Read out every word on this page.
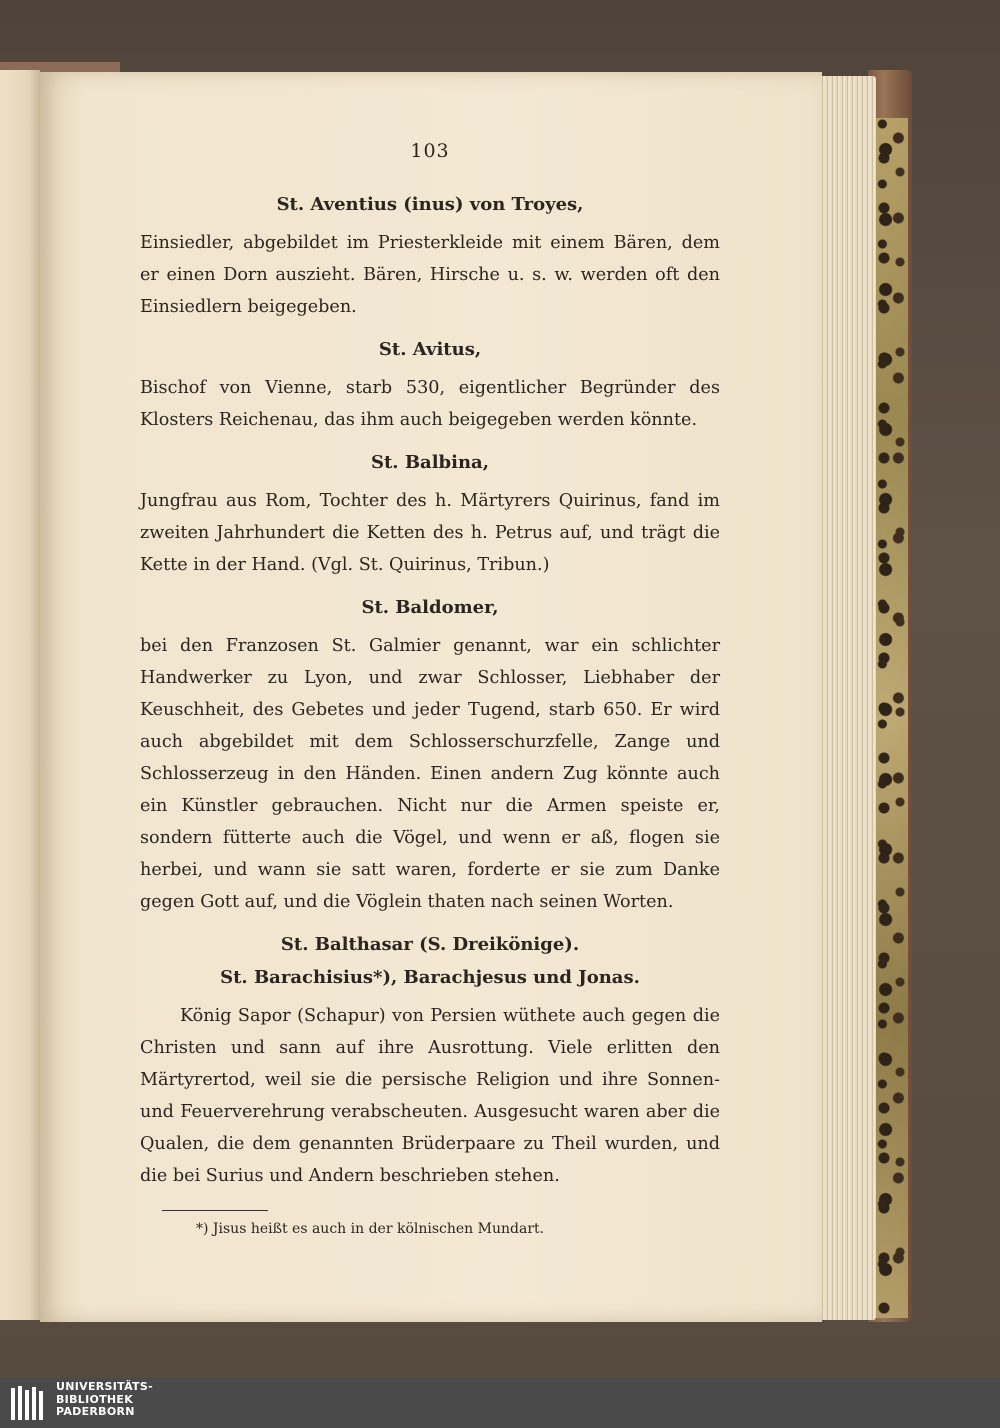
103
St. Aventius (inus) von Troyes,

Einsiedler, abgebildet im Priesterkleide mit einem Bären, dem er einen Dorn auszieht. Bären, Hirsche u. s. w. werden oft den Einsiedlern beigegeben.

St. Avitus,

Bischof von Vienne, starb 530, eigentlicher Begründer des Klosters Reichenau, das ihm auch beigegeben werden könnte.

St. Balbina,

Jungfrau aus Rom, Tochter des h. Märtyrers Quirinus, fand im zweiten Jahrhundert die Ketten des h. Petrus auf, und trägt die Kette in der Hand. (Vgl. St. Quirinus, Tribun.)

St. Baldomer,

bei den Franzosen St. Galmier genannt, war ein schlichter Handwerker zu Lyon, und zwar Schlosser, Liebhaber der Keuschheit, des Gebetes und jeder Tugend, starb 650. Er wird auch abgebildet mit dem Schlosserschurzfelle, Zange und Schlosserzeug in den Händen. Einen andern Zug könnte auch ein Künstler gebrauchen. Nicht nur die Armen speiste er, sondern fütterte auch die Vögel, und wenn er aß, flogen sie herbei, und wann sie satt waren, forderte er sie zum Danke gegen Gott auf, und die Vöglein thaten nach seinen Worten.

St. Balthasar (S. Dreikönige).
St. Barachisius*), Barachjesus und Jonas.

König Sapor (Schapur) von Persien wüthete auch gegen die Christen und sann auf ihre Ausrottung. Viele erlitten den Märtyrertod, weil sie die persische Religion und ihre Sonnen- und Feuerverehrung verabscheuten. Ausgesucht waren aber die Qualen, die dem genannten Brüderpaare zu Theil wurden, und die bei Surius und Andern beschrieben stehen.

*) Jisus heißt es auch in der kölnischen Mundart.
UNIVERSITÄTS-
BIBLIOTHEK
PADERBORN
